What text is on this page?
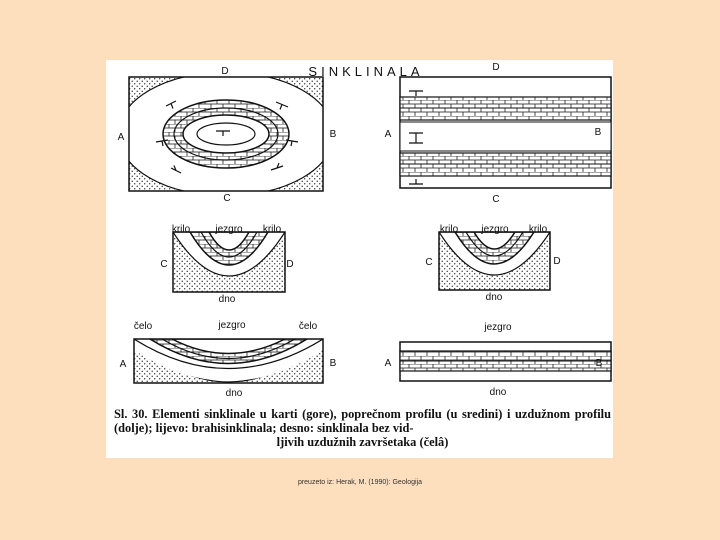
SINKLINALA
D
C
A	B
D
C
A	B
krilo	jezgro krilo
C	D
dno
krilo jezgro krilo
C	D
dno
čelo	jezgro	čelo
A	B
dno
jezgro
A	B
dno
Sl. 30. Elementi sinklinale u karti (gore), poprečnom profilu (u sredini) i uzdužnom profilu (dolje); lijevo: brahisinklinala; desno: sinklinala bez vid-
ljivih uzdužnih završetaka (čelâ)
preuzeto iz: Herak, M. (1990): Geologija
